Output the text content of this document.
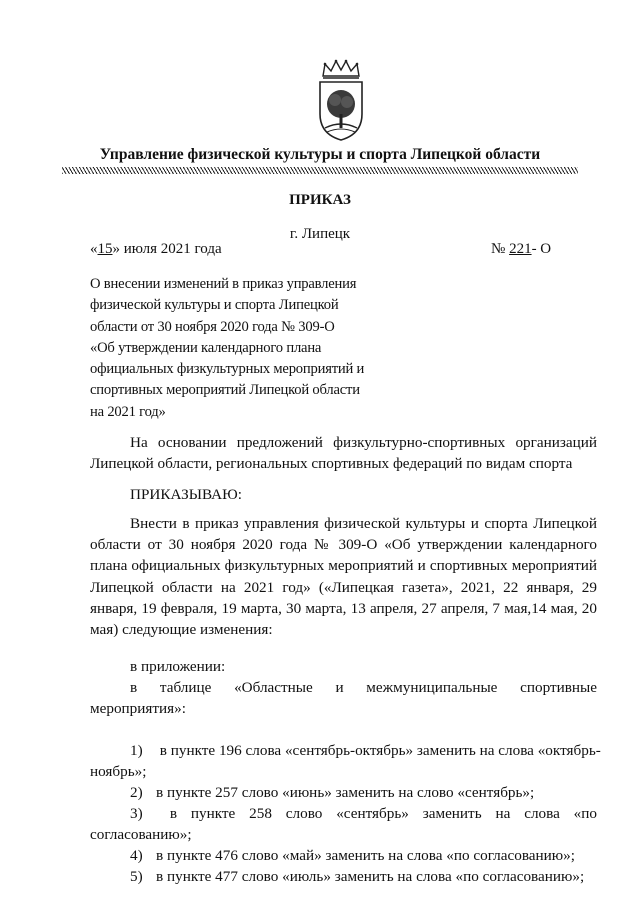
Управление физической культуры и спорта Липецкой области
ПРИКАЗ
г. Липецк
«15» июля 2021 года	№ 221- О
О внесении изменений в приказ управления
физической культуры и спорта Липецкой
области от 30 ноября 2020 года № 309-О
«Об утверждении календарного плана
официальных физкультурных мероприятий и
спортивных мероприятий Липецкой области
на 2021 год»
На основании предложений физкультурно-спортивных организаций Липецкой области, региональных спортивных федераций по видам спорта
ПРИКАЗЫВАЮ:
Внести в приказ управления физической культуры и спорта Липецкой области от 30 ноября 2020 года № 309-О «Об утверждении календарного плана официальных физкультурных мероприятий и спортивных мероприятий Липецкой области на 2021 год» («Липецкая газета», 2021, 22 января, 29 января, 19 февраля, 19 марта, 30 марта, 13 апреля, 27 апреля, 7 мая,14 мая, 20 мая) следующие изменения:
в приложении:
в таблице «Областные и межмуниципальные спортивные
мероприятия»:
1) в пункте 196 слова «сентябрь-октябрь» заменить на слова «октябрь-
ноябрь»;
2) в пункте 257 слово «июнь» заменить на слово «сентябрь»;
3) в пункте 258 слово «сентябрь» заменить на слова «по
согласованию»;
4) в пункте 476 слово «май» заменить на слова «по согласованию»;
5) в пункте 477 слово «июль» заменить на слова «по согласованию»;
